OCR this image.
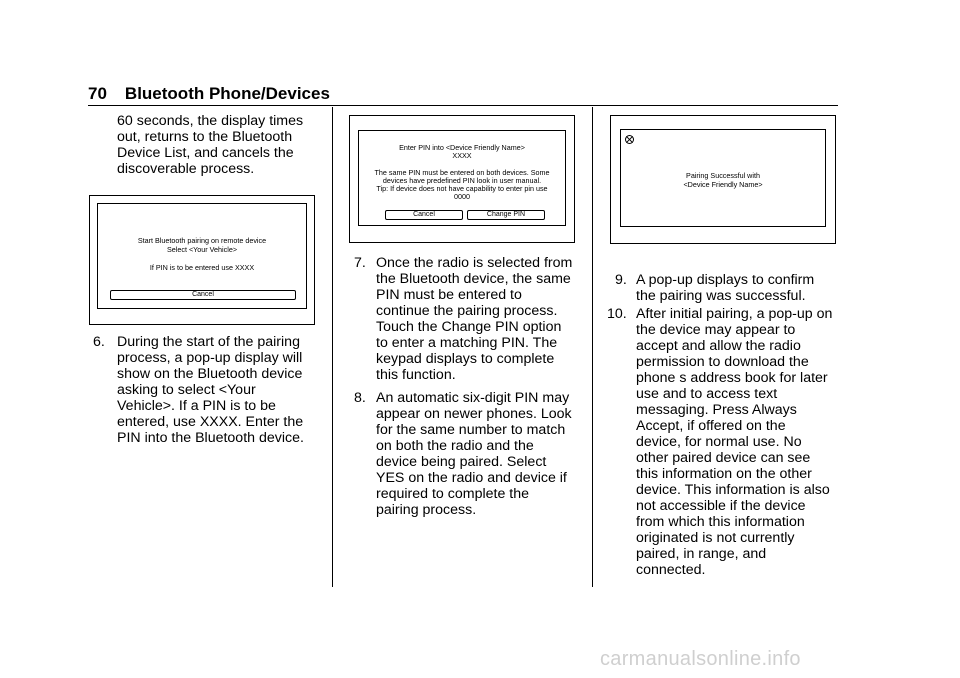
70 Bluetooth Phone/Devices
60 seconds, the display times
out, returns to the Bluetooth
Device List, and cancels the
discoverable process.
Start Bluetooth pairing on remote device
Select <Your Vehicle>
If PIN is to be entered use XXXX
Cancel
6. During the start of the pairing
process, a pop-up display will
show on the Bluetooth device
asking to select <Your
Vehicle>. If a PIN is to be
entered, use XXXX. Enter the
PIN into the Bluetooth device.
Enter PIN into <Device Friendly Name>
XXXX
The same PIN must be entered on both devices. Some
devices have predefined PIN look in user manual.
Tip: If device does not have capability to enter pin use
0000
Cancel	Change PIN
7. Once the radio is selected from
the Bluetooth device, the same
PIN must be entered to
continue the pairing process.
Touch the Change PIN option
to enter a matching PIN. The
keypad displays to complete
this function.
8. An automatic six-digit PIN may
appear on newer phones. Look
for the same number to match
on both the radio and the
device being paired. Select
YES on the radio and device if
required to complete the
pairing process.
Pairing Successful with
<Device Friendly Name>
9. A pop-up displays to confirm
the pairing was successful.
10. After initial pairing, a pop-up on
the device may appear to
accept and allow the radio
permission to download the
phone s address book for later
use and to access text
messaging. Press Always
Accept, if offered on the
device, for normal use. No
other paired device can see
this information on the other
device. This information is also
not accessible if the device
from which this information
originated is not currently
paired, in range, and
connected.
carmanualsonline.info
